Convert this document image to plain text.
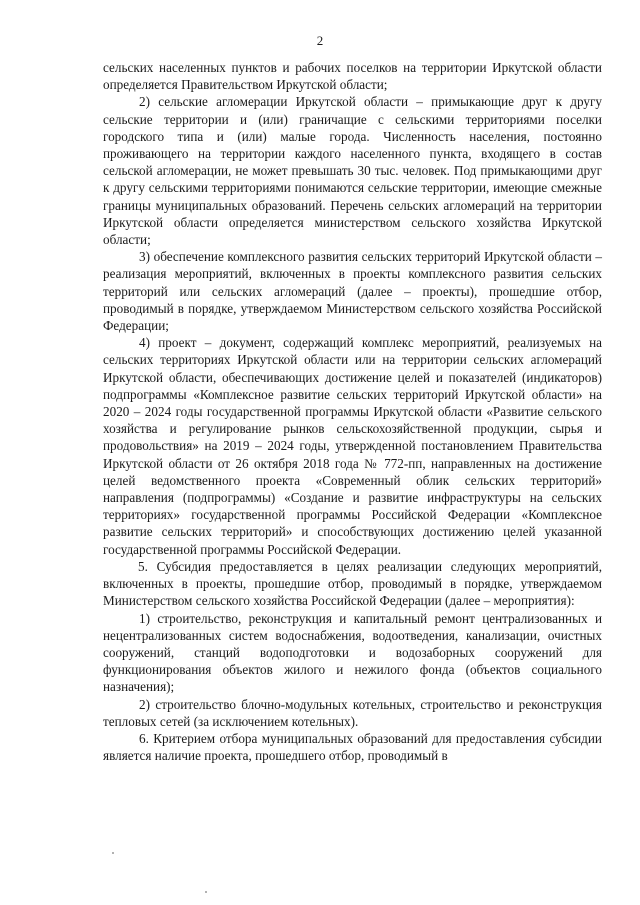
2

сельских населенных пунктов и рабочих поселков на территории Иркутской области определяется Правительством Иркутской области;

2) сельские агломерации Иркутской области – примыкающие друг к другу сельские территории и (или) граничащие с сельскими территориями поселки городского типа и (или) малые города. Численность населения, постоянно проживающего на территории каждого населенного пункта, входящего в состав сельской агломерации, не может превышать 30 тыс. человек. Под примыкающими друг к другу сельскими территориями понимаются сельские территории, имеющие смежные границы муниципальных образований. Перечень сельских агломераций на территории Иркутской области определяется министерством сельского хозяйства Иркутской области;

3) обеспечение комплексного развития сельских территорий Иркутской области – реализация мероприятий, включенных в проекты комплексного развития сельских территорий или сельских агломераций (далее – проекты), прошедшие отбор, проводимый в порядке, утверждаемом Министерством сельского хозяйства Российской Федерации;

4) проект – документ, содержащий комплекс мероприятий, реализуемых на сельских территориях Иркутской области или на территории сельских агломераций Иркутской области, обеспечивающих достижение целей и показателей (индикаторов) подпрограммы «Комплексное развитие сельских территорий Иркутской области» на 2020 – 2024 годы государственной программы Иркутской области «Развитие сельского хозяйства и регулирование рынков сельскохозяйственной продукции, сырья и продовольствия» на 2019 – 2024 годы, утвержденной постановлением Правительства Иркутской области от 26 октября 2018 года № 772-пп, направленных на достижение целей ведомственного проекта «Современный облик сельских территорий» направления (подпрограммы) «Создание и развитие инфраструктуры на сельских территориях» государственной программы Российской Федерации «Комплексное развитие сельских территорий» и способствующих достижению целей указанной государственной программы Российской Федерации.

5. Субсидия предоставляется в целях реализации следующих мероприятий, включенных в проекты, прошедшие отбор, проводимый в порядке, утверждаемом Министерством сельского хозяйства Российской Федерации (далее – мероприятия):

1) строительство, реконструкция и капитальный ремонт централизованных и нецентрализованных систем водоснабжения, водоотведения, канализации, очистных сооружений, станций водоподготовки и водозаборных сооружений для функционирования объектов жилого и нежилого фонда (объектов социального назначения);

2) строительство блочно-модульных котельных, строительство и реконструкция тепловых сетей (за исключением котельных).

6. Критерием отбора муниципальных образований для предоставления субсидии является наличие проекта, прошедшего отбор, проводимый в
